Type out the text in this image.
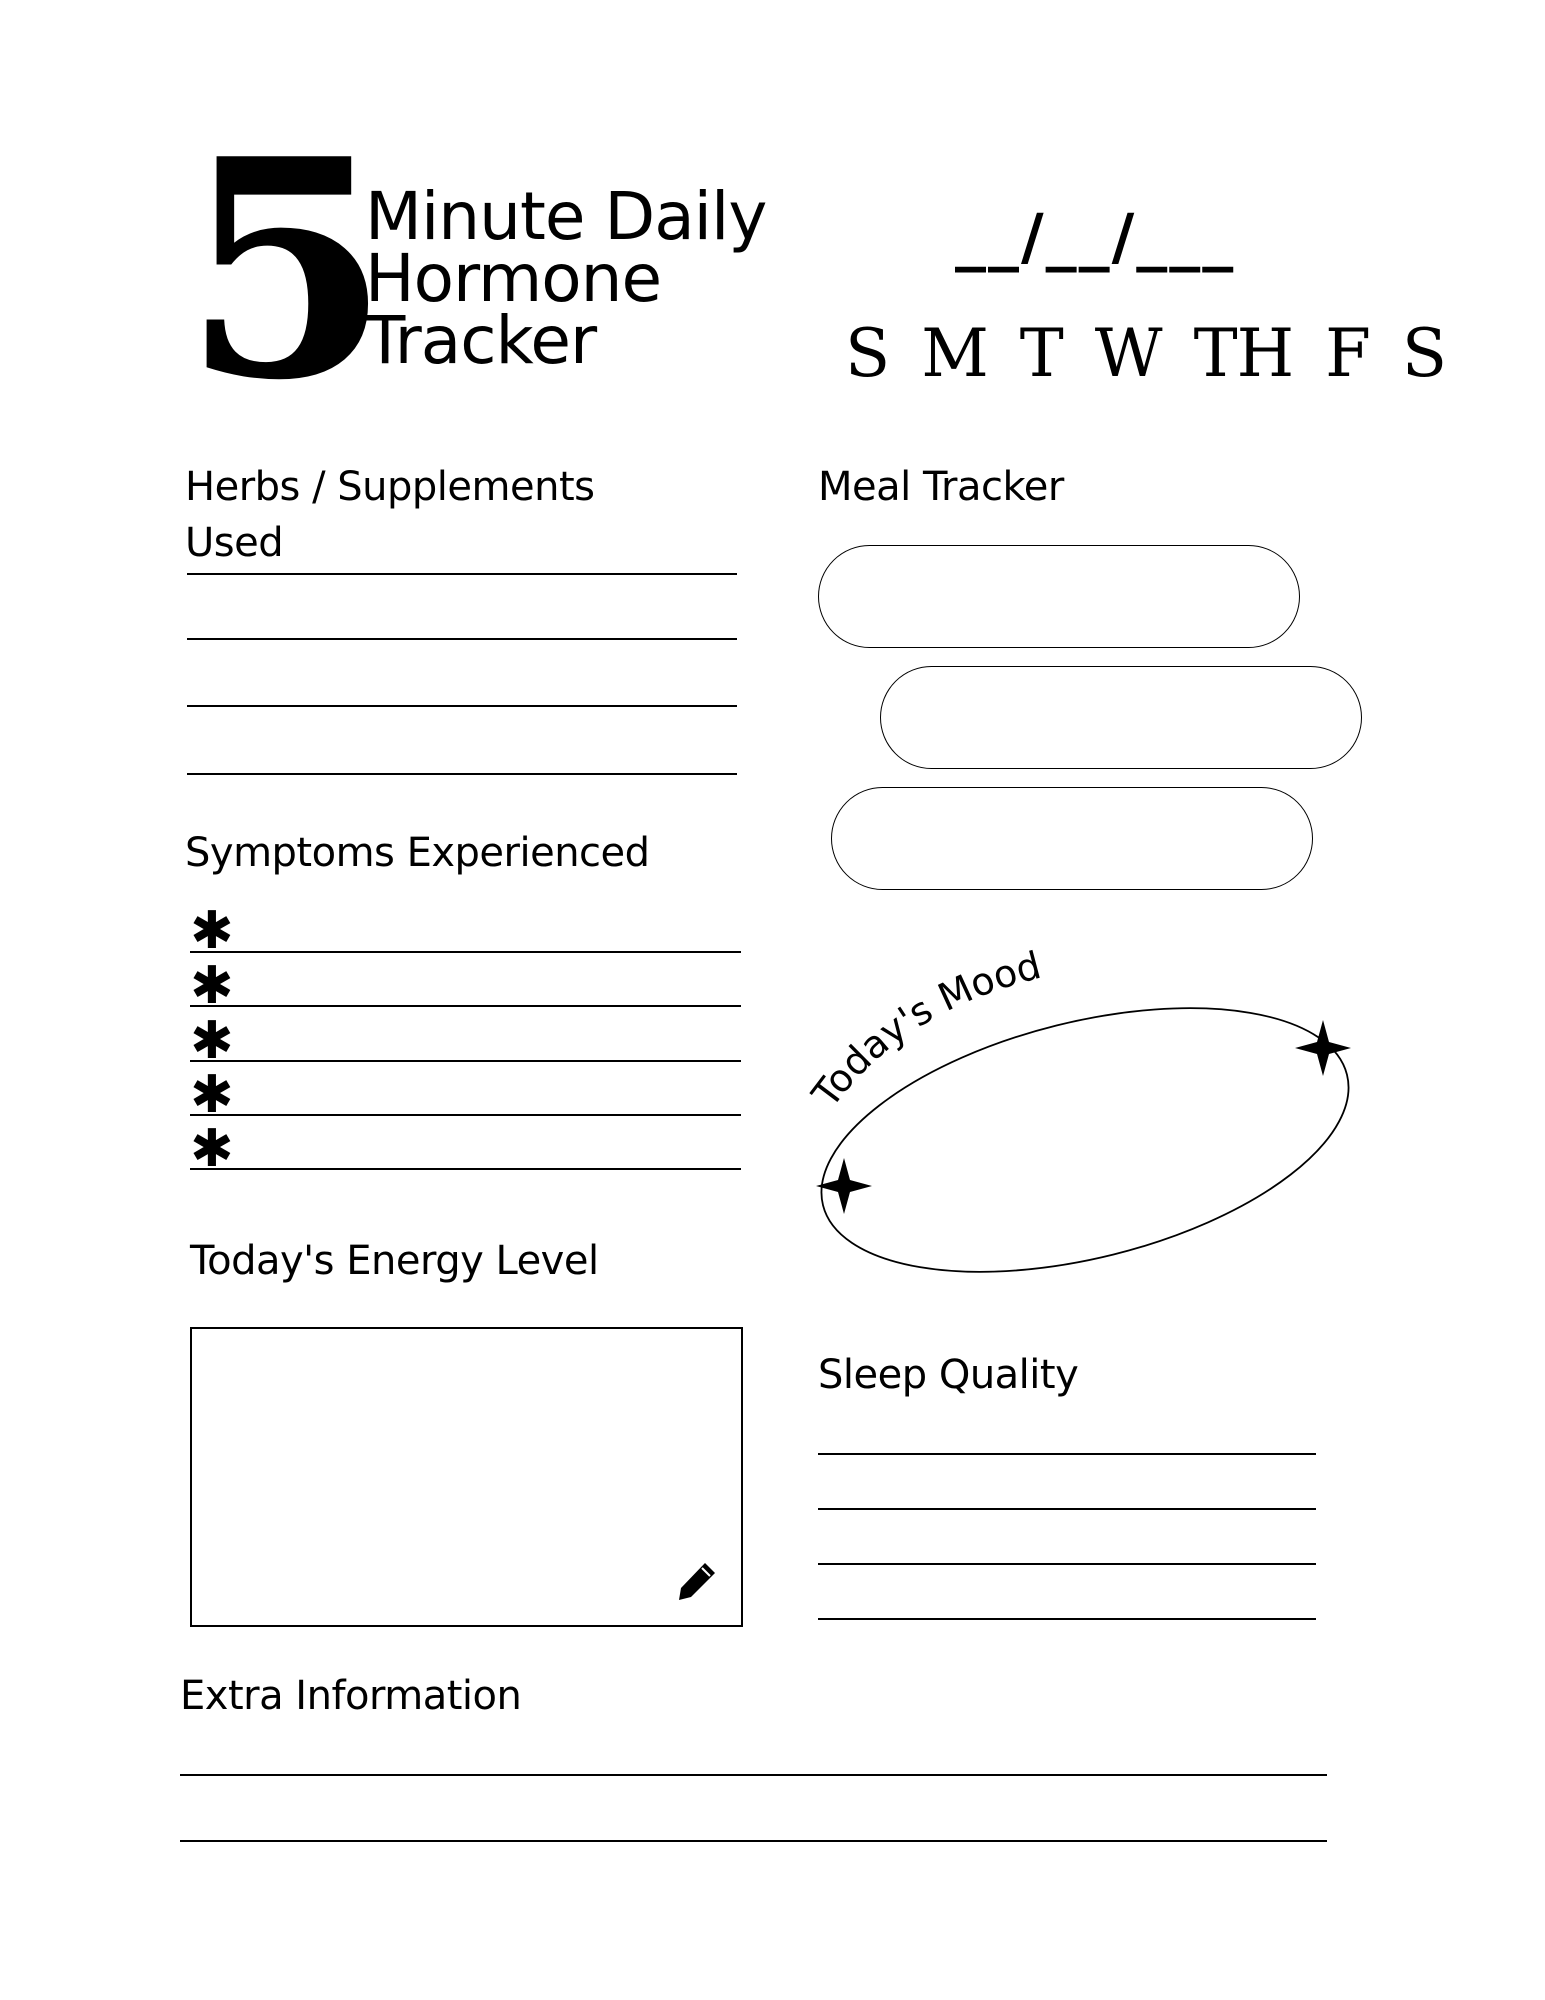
5
Minute Daily
Hormone
Tracker
__/__/___
S M T W TH F S
Herbs / Supplements
Used
Meal Tracker
Symptoms Experienced
✱
✱
✱
✱
✱
Today's Mood
Today's Energy Level
Sleep Quality
Extra Information
